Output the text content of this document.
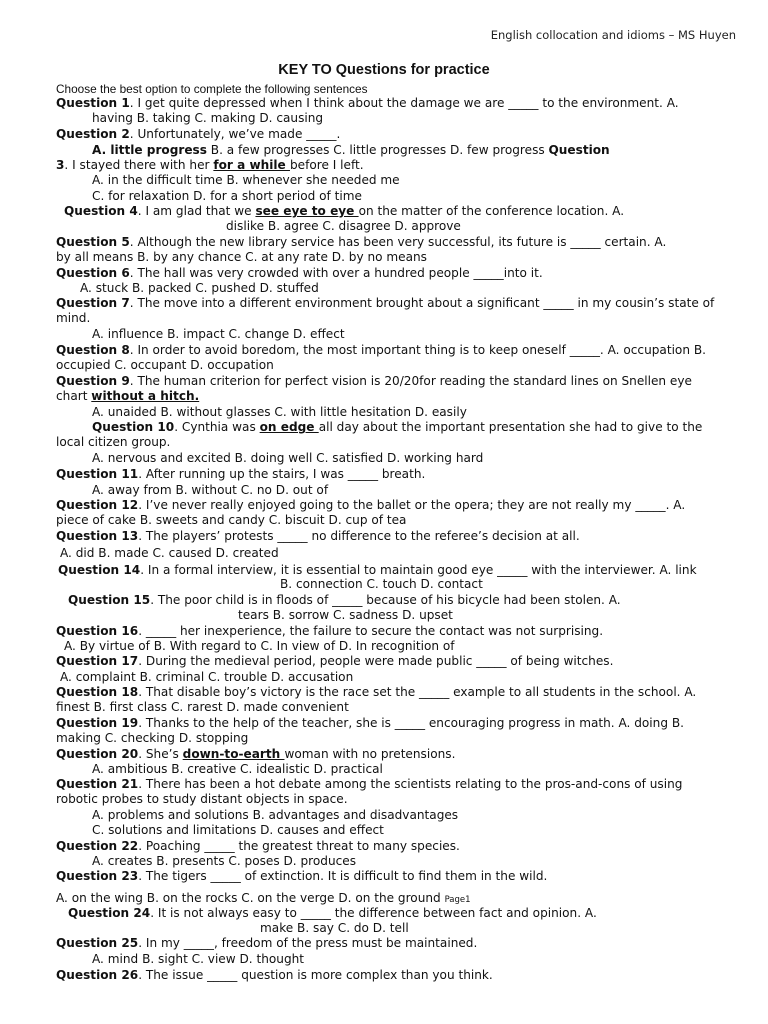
English collocation and idioms – MS Huyen
KEY TO Questions for practice
Choose the best option to complete the following sentences
Question 1. I get quite depressed when I think about the damage we are _____ to the environment. A.
having B. taking C. making D. causing
Question 2. Unfortunately, we’ve made _____.
A. little progress B. a few progresses C. little progresses D. few progress Question
3. I stayed there with her for a while before I left.
A. in the difficult time B. whenever she needed me
C. for relaxation D. for a short period of time
Question 4. I am glad that we see eye to eye on the matter of the conference location. A.
dislike B. agree C. disagree D. approve
Question 5. Although the new library service has been very successful, its future is _____ certain. A.
by all means B. by any chance C. at any rate D. by no means
Question 6. The hall was very crowded with over a hundred people _____into it.
A. stuck B. packed C. pushed D. stuffed
Question 7. The move into a different environment brought about a significant _____ in my cousin’s state of
mind.
A. influence B. impact C. change D. effect
Question 8. In order to avoid boredom, the most important thing is to keep oneself _____. A. occupation B.
occupied C. occupant D. occupation
Question 9. The human criterion for perfect vision is 20/20for reading the standard lines on Snellen eye
chart without a hitch.
A. unaided B. without glasses C. with little hesitation D. easily
Question 10. Cynthia was on edge all day about the important presentation she had to give to the
local citizen group.
A. nervous and excited B. doing well C. satisfied D. working hard
Question 11. After running up the stairs, I was _____ breath.
A. away from B. without C. no D. out of
Question 12. I’ve never really enjoyed going to the ballet or the opera; they are not really my _____. A.
piece of cake B. sweets and candy C. biscuit D. cup of tea
Question 13. The players’ protests _____ no difference to the referee’s decision at all.
A. did B. made C. caused D. created
Question 14. In a formal interview, it is essential to maintain good eye _____ with the interviewer. A. link
B. connection C. touch D. contact
Question 15. The poor child is in floods of _____ because of his bicycle had been stolen. A.
tears B. sorrow C. sadness D. upset
Question 16. _____ her inexperience, the failure to secure the contact was not surprising.
A. By virtue of B. With regard to C. In view of D. In recognition of
Question 17. During the medieval period, people were made public _____ of being witches.
A. complaint B. criminal C. trouble D. accusation
Question 18. That disable boy’s victory is the race set the _____ example to all students in the school. A.
finest B. first class C. rarest D. made convenient
Question 19. Thanks to the help of the teacher, she is _____ encouraging progress in math. A. doing B.
making C. checking D. stopping
Question 20. She’s down-to-earth woman with no pretensions.
A. ambitious B. creative C. idealistic D. practical
Question 21. There has been a hot debate among the scientists relating to the pros-and-cons of using
robotic probes to study distant objects in space.
A. problems and solutions B. advantages and disadvantages
C. solutions and limitations D. causes and effect
Question 22. Poaching _____ the greatest threat to many species.
A. creates B. presents C. poses D. produces
Question 23. The tigers _____ of extinction. It is difficult to find them in the wild.
A. on the wing B. on the rocks C. on the verge D. on the ground Page1
Question 24. It is not always easy to _____ the difference between fact and opinion. A.
make B. say C. do D. tell
Question 25. In my _____, freedom of the press must be maintained.
A. mind B. sight C. view D. thought
Question 26. The issue _____ question is more complex than you think.
